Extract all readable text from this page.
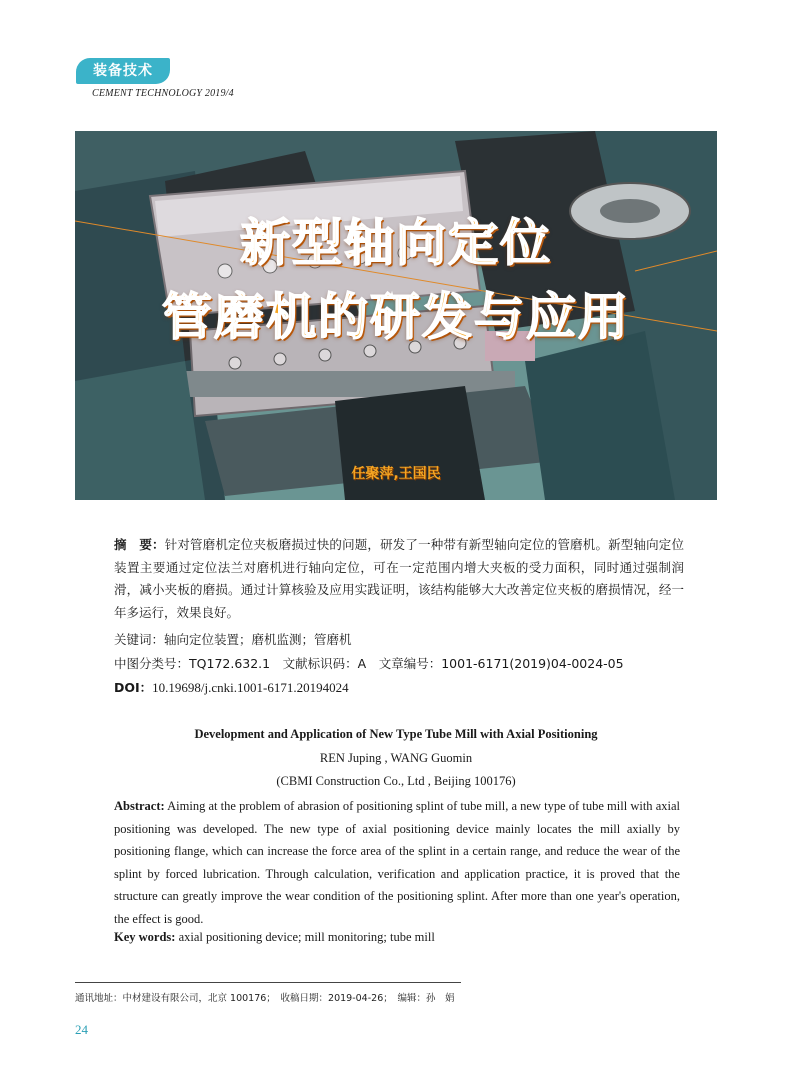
装备技术
CEMENT TECHNOLOGY 2019/4
新型轴向定位
管磨机的研发与应用
任聚萍,王国民
摘　要：针对管磨机定位夹板磨损过快的问题，研发了一种带有新型轴向定位的管磨机。新型轴向定位装置主要通过定位法兰对磨机进行轴向定位，可在一定范围内增大夹板的受力面积，同时通过强制润滑，减小夹板的磨损。通过计算核验及应用实践证明，该结构能够大大改善定位夹板的磨损情况，经一年多运行，效果良好。
关键词：轴向定位装置；磨机监测；管磨机
中图分类号：TQ172.632.1　 文献标识码：A　 文章编号：1001-6171(2019)04-0024-05
DOI：10.19698/j.cnki.1001-6171.20194024
Development and Application of New Type Tube Mill with Axial Positioning
REN Juping , WANG Guomin
(CBMI Construction Co., Ltd , Beijing 100176)
Abstract: Aiming at the problem of abrasion of positioning splint of tube mill, a new type of tube mill with axial positioning was developed. The new type of axial positioning device mainly locates the mill axially by positioning flange, which can increase the force area of the splint in a certain range, and reduce the wear of the splint by forced lubrication. Through calculation, verification and application practice, it is proved that the structure can greatly improve the wear condition of the positioning splint. After more than one year's operation, the effect is good.
Key words: axial positioning device; mill monitoring; tube mill
通讯地址：中材建设有限公司，北京 100176；　收稿日期：2019-04-26；　编辑：孙　娟
24
